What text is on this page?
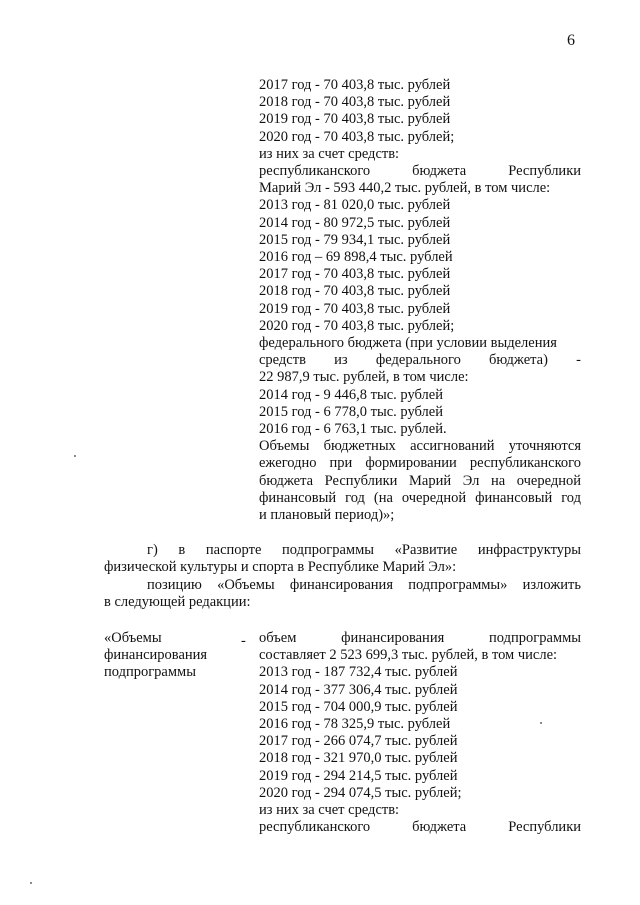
6
2017 год - 70 403,8 тыс. рублей
2018 год - 70 403,8 тыс. рублей
2019 год - 70 403,8 тыс. рублей
2020 год - 70 403,8 тыс. рублей;
из них за счет средств:
республиканского бюджета Республики
Марий Эл - 593 440,2 тыс. рублей, в том числе:
2013 год - 81 020,0 тыс. рублей
2014 год - 80 972,5 тыс. рублей
2015 год - 79 934,1 тыс. рублей
2016 год – 69 898,4 тыс. рублей
2017 год - 70 403,8 тыс. рублей
2018 год - 70 403,8 тыс. рублей
2019 год - 70 403,8 тыс. рублей
2020 год - 70 403,8 тыс. рублей;
федерального бюджета (при условии выделения
средств из федерального бюджета) -
22 987,9 тыс. рублей, в том числе:
2014 год - 9 446,8 тыс. рублей
2015 год - 6 778,0 тыс. рублей
2016 год - 6 763,1 тыс. рублей.
Объемы бюджетных ассигнований уточняются
ежегодно при формировании республиканского
бюджета Республики Марий Эл на очередной
финансовый год (на очередной финансовый год
и плановый период)»;
г) в паспорте подпрограммы «Развитие инфраструктуры
физической культуры и спорта в Республике Марий Эл»:
позицию «Объемы финансирования подпрограммы» изложить
в следующей редакции:
«Объемы
финансирования
подпрограммы
- объем финансирования подпрограммы
составляет 2 523 699,3 тыс. рублей, в том числе:
2013 год - 187 732,4 тыс. рублей
2014 год - 377 306,4 тыс. рублей
2015 год - 704 000,9 тыс. рублей
2016 год - 78 325,9 тыс. рублей
2017 год - 266 074,7 тыс. рублей
2018 год - 321 970,0 тыс. рублей
2019 год - 294 214,5 тыс. рублей
2020 год - 294 074,5 тыс. рублей;
из них за счет средств:
республиканского бюджета Республики
